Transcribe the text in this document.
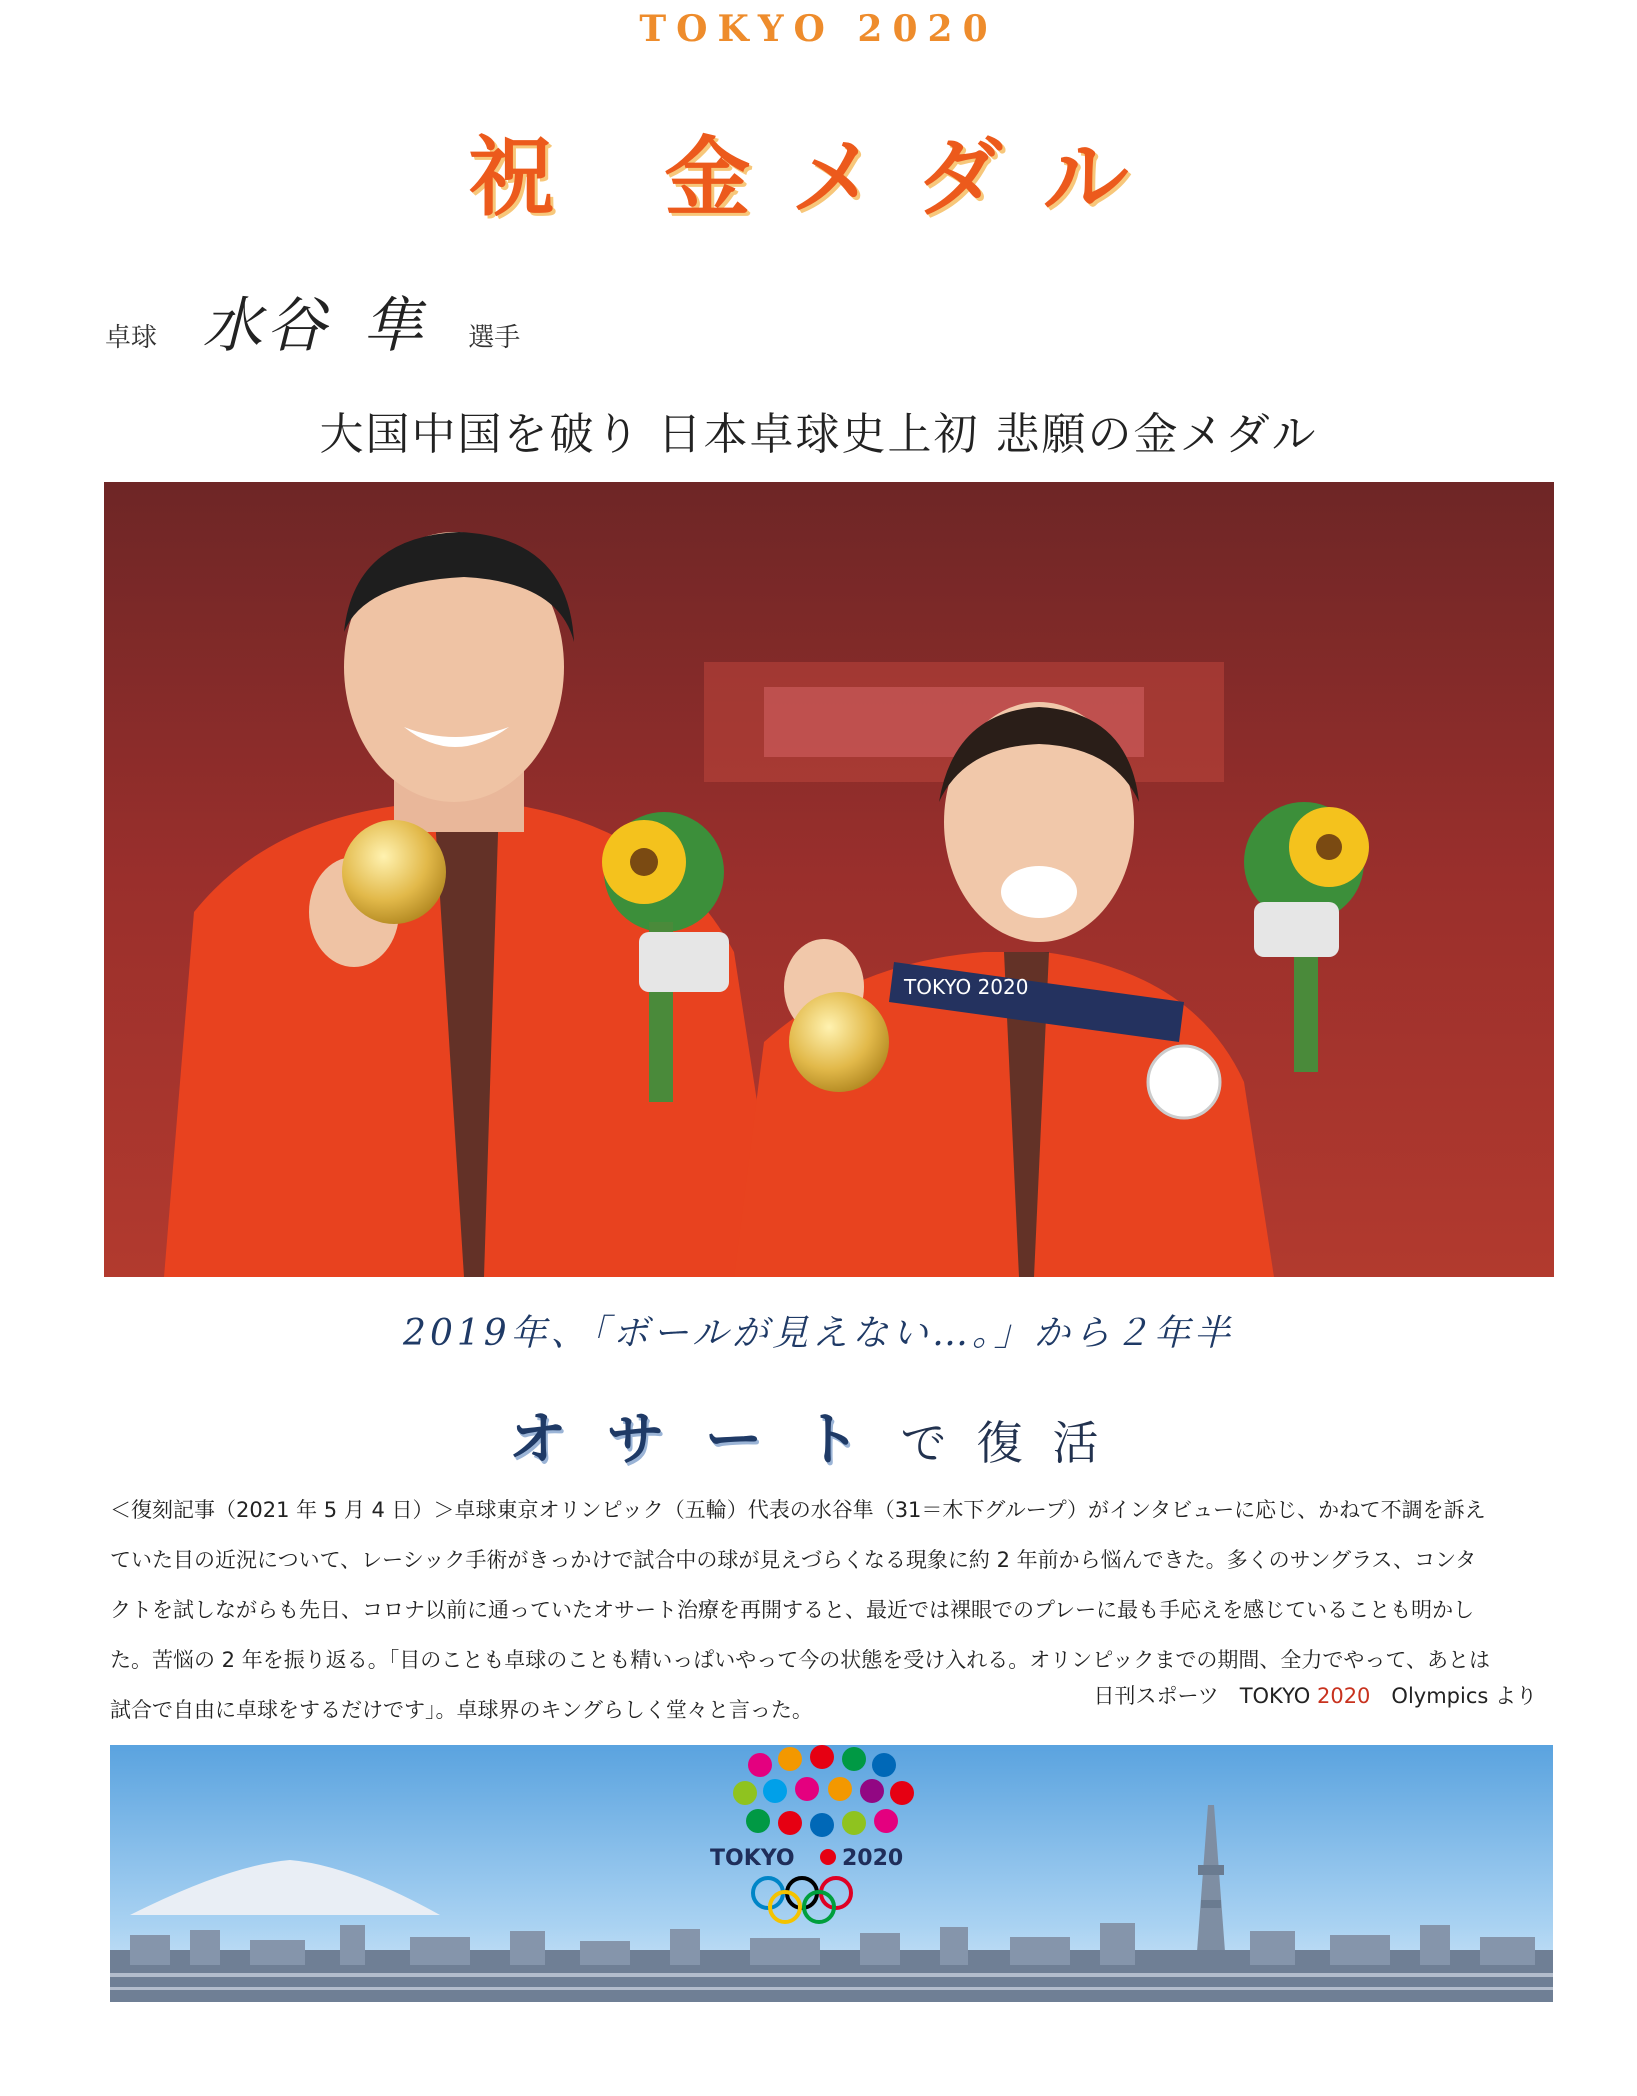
TOKYO 2020
祝 金メダル
卓球 水谷 隼 選手
大国中国を破り 日本卓球史上初 悲願の金メダル
TOKYO 2020
2019年、「ボールが見えない…。」から２年半
オサートで復活

＜復刻記事（2021 年 5 月 4 日）＞卓球東京オリンピック（五輪）代表の水谷隼（31＝木下グループ）がインタビューに応じ、かねて不調を訴え

ていた目の近況について、レーシック手術がきっかけで試合中の球が見えづらくなる現象に約 2 年前から悩んできた。多くのサングラス、コンタ

クトを試しながらも先日、コロナ以前に通っていたオサート治療を再開すると、最近では裸眼でのプレーに最も手応えを感じていることも明かし

た。苦悩の 2 年を振り返る。「目のことも卓球のことも精いっぱいやって今の状態を受け入れる。オリンピックまでの期間、全力でやって、あとは

試合で自由に卓球をするだけです」。卓球界のキングらしく堂々と言った。

日刊スポーツ　TOKYO 2020　Olympics より
TOKYO 2020
